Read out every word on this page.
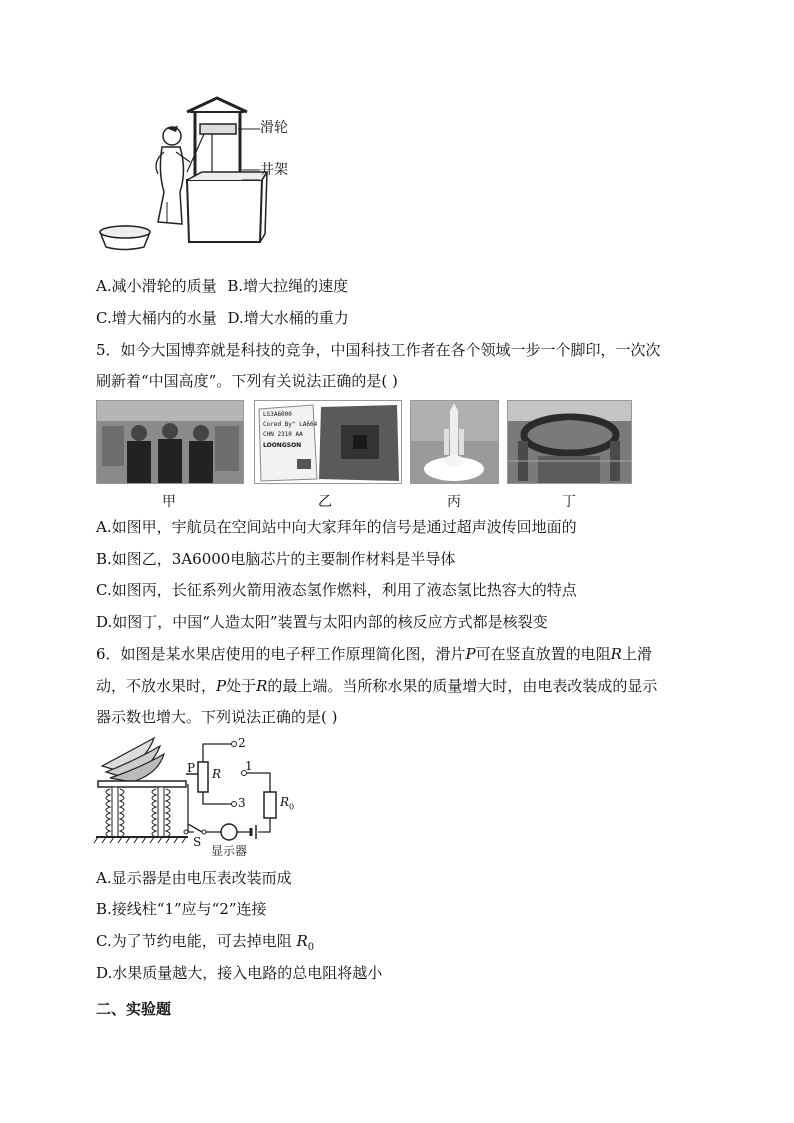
滑轮
井架
A.减小滑轮的质量 B.增大拉绳的速度
C.增大桶内的水量 D.增大水桶的重力
5．如今大国博弈就是科技的竞争，中国科技工作者在各个领域一步一个脚印，一次次
刷新着“中国高度”。下列有关说法正确的是( )
LS3A6000
Cored By" LA664
CHN 2310 AA
LOONGSON
甲	乙	丙	丁
A.如图甲，宇航员在空间站中向大家拜年的信号是通过超声波传回地面的
B.如图乙，3A6000电脑芯片的主要制作材料是半导体
C.如图丙，长征系列火箭用液态氢作燃料，利用了液态氢比热容大的特点
D.如图丁，中国“人造太阳”装置与太阳内部的核反应方式都是核裂变
6．如图是某水果店使用的电子秤工作原理简化图，滑片P可在竖直放置的电阻R上滑
动，不放水果时，P处于R的最上端。当所称水果的质量增大时，由电表改装成的显示
器示数也增大。下列说法正确的是( )
2
P R
1
3	$R_0$
S
显示器
A.显示器是由电压表改装而成
B.接线柱“1”应与“2”连接
C.为了节约电能，可去掉电阻 $R_0$
D.水果质量越大，接入电路的总电阻将越小
二、实验题
